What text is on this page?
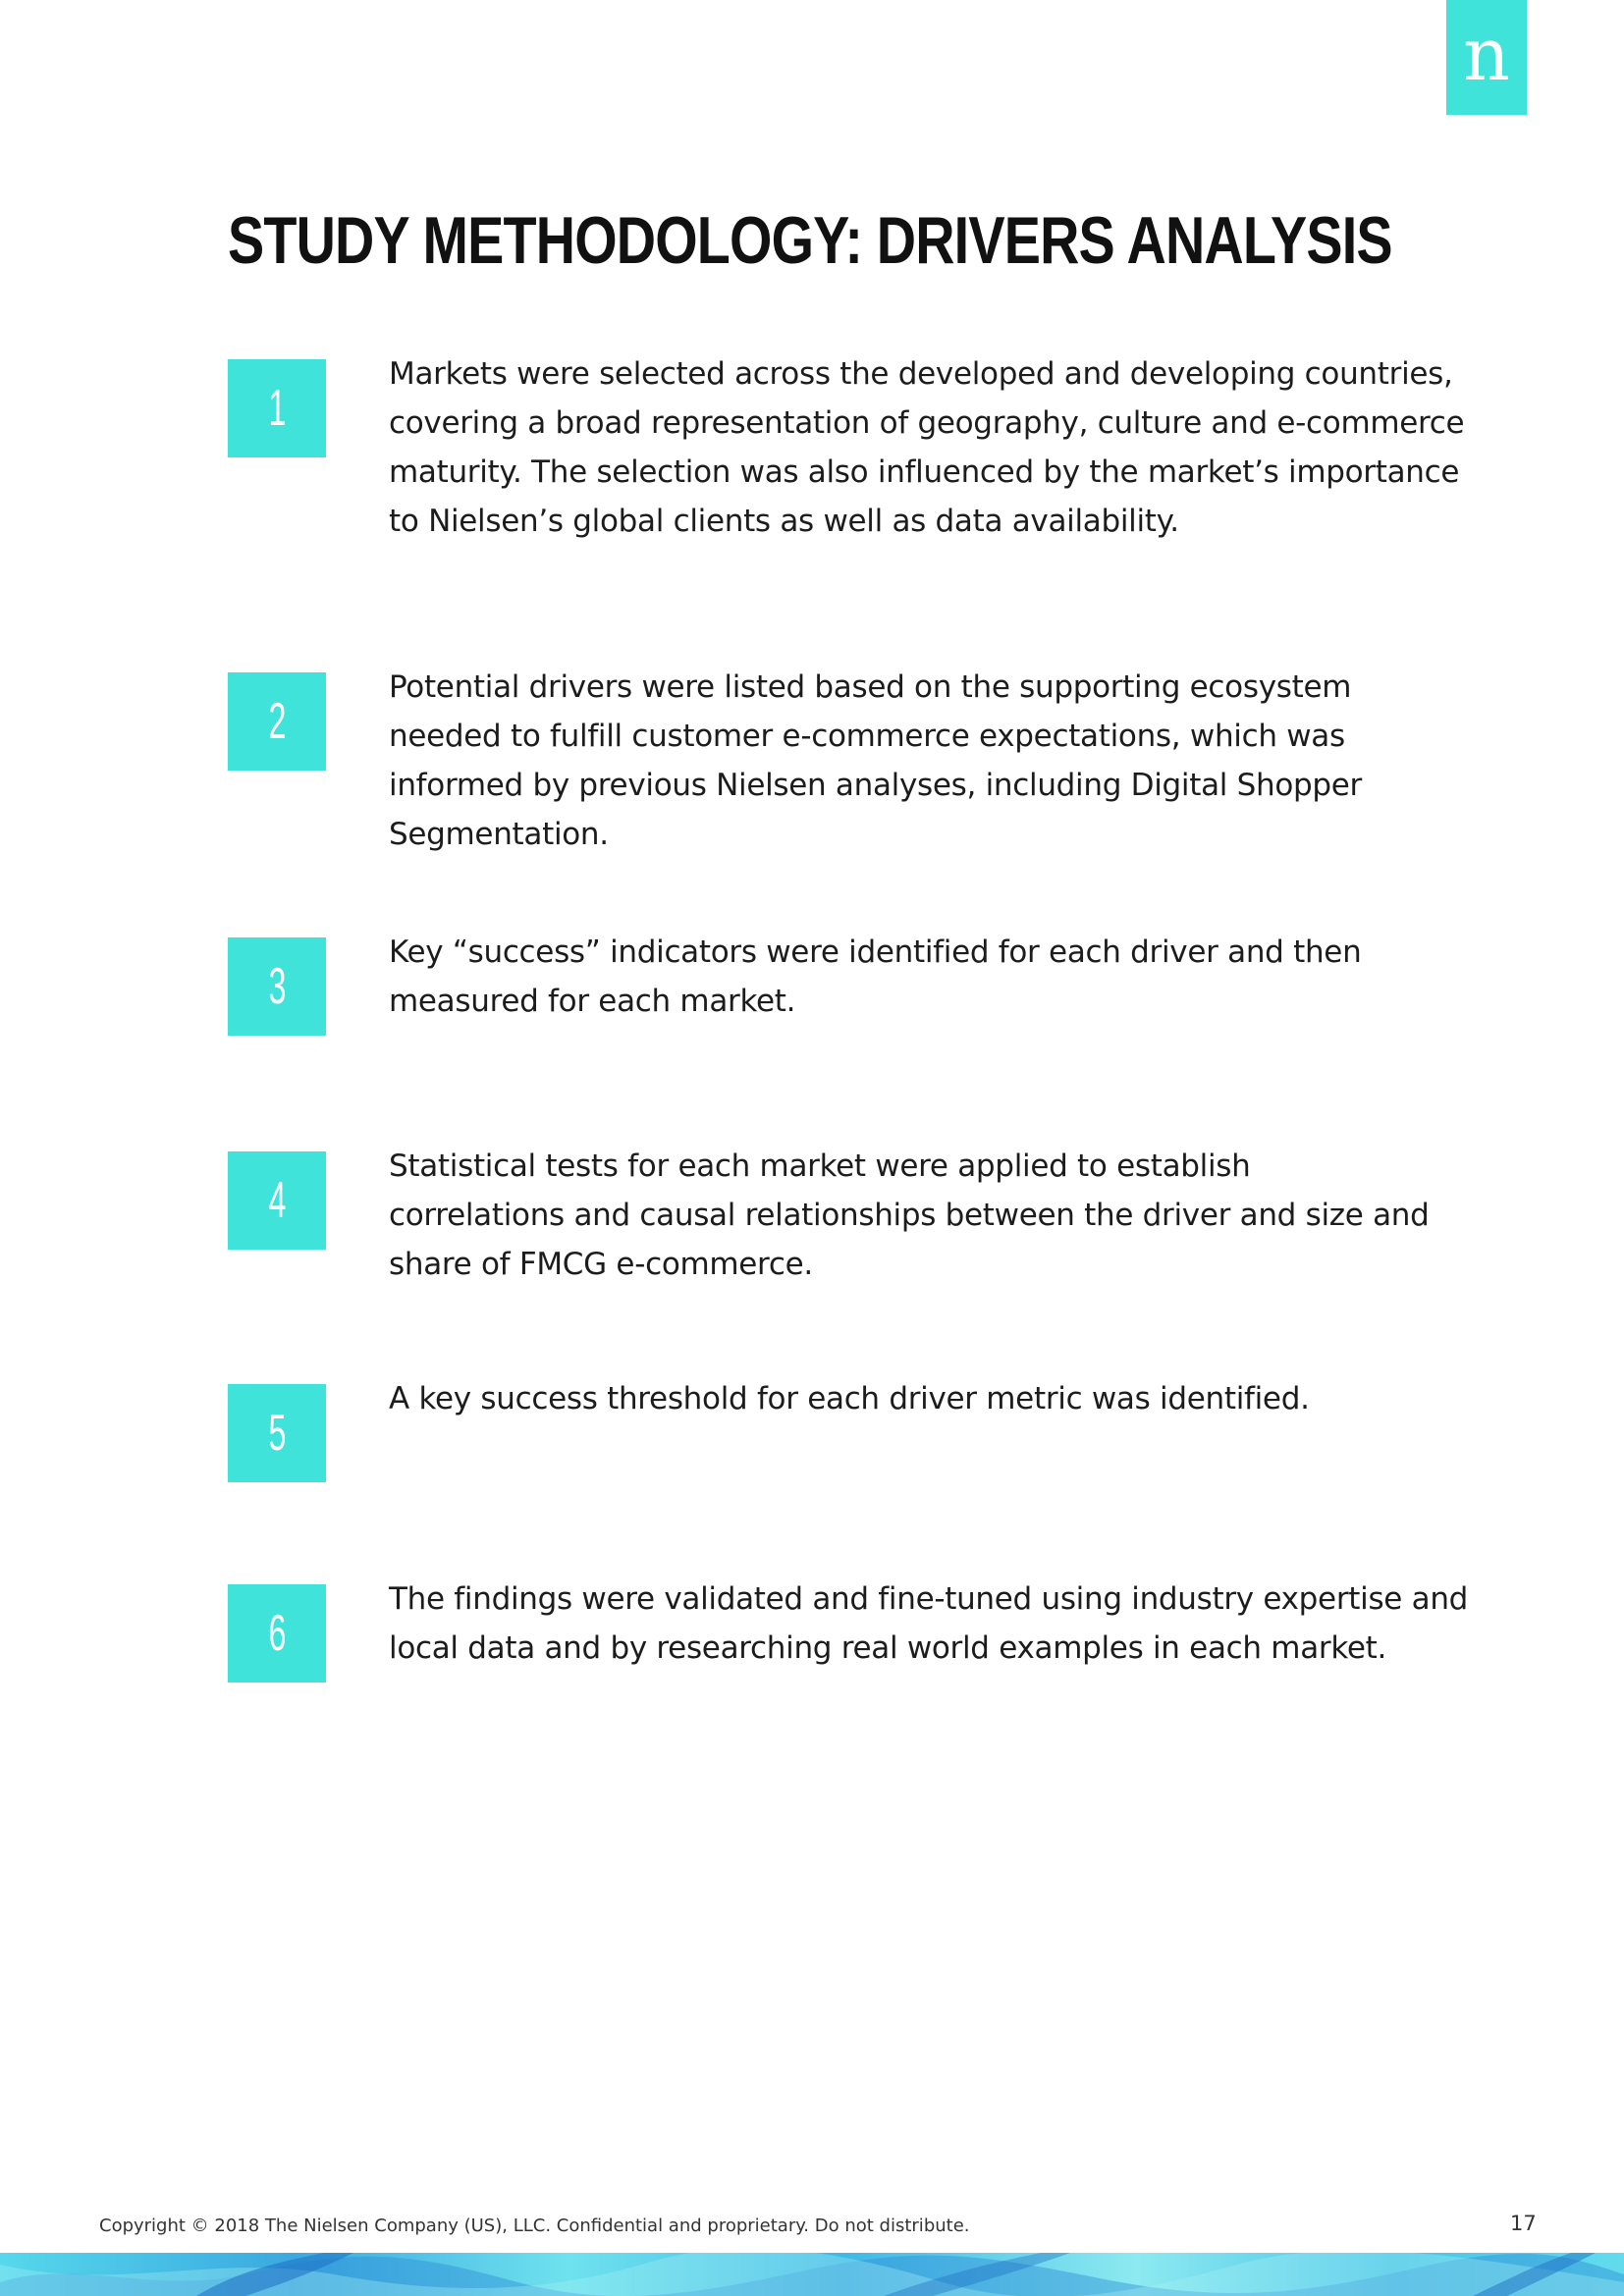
n
STUDY METHODOLOGY: DRIVERS ANALYSIS
1

Markets were selected across the developed and developing countries, covering a broad representation of geography, culture and e-commerce maturity. The selection was also influenced by the market’s importance to Nielsen’s global clients as well as data availability.

2

Potential drivers were listed based on the supporting ecosystem needed to fulfill customer e-commerce expectations, which was informed by previous Nielsen analyses, including Digital Shopper Segmentation.

3

Key “success” indicators were identified for each driver and then measured for each market.

4

Statistical tests for each market were applied to establish correlations and causal relationships between the driver and size and share of FMCG e-commerce.

5

A key success threshold for each driver metric was identified.

6

The findings were validated and fine-tuned using industry expertise and local data and by researching real world examples in each market.

Copyright © 2018 The Nielsen Company (US), LLC. Confidential and proprietary. Do not distribute.	17
